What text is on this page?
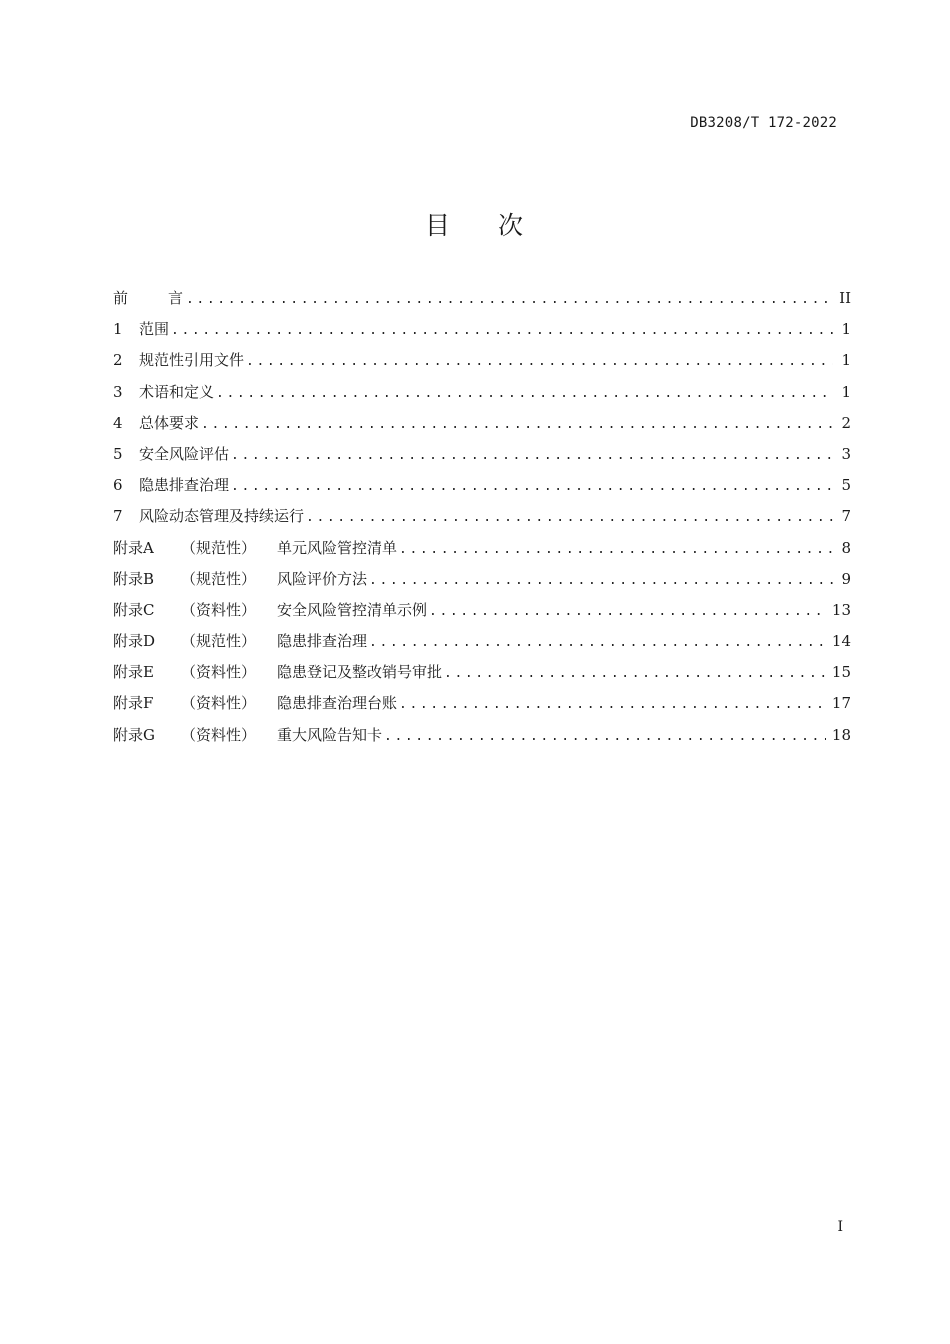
DB3208/T 172-2022
目 次
前	言 .....	II
1	范围 .....	1
2	规范性引用文件 .....	1
3	术语和定义 .....	1
4	总体要求 .....	2
5	安全风险评估 .....	3
6	隐患排查治理 .....	5
7	风险动态管理及持续运行 .....	7
附录A	（规范性）	单元风险管控清单 .....	8
附录B	（规范性）	风险评价方法 .....	9
附录C	（资料性）	安全风险管控清单示例 .....	13
附录D	（规范性）	隐患排查治理 .....	14
附录E	（资料性）	隐患登记及整改销号审批 .....	15
附录F	（资料性）	隐患排查治理台账 .....	17
附录G	（资料性）	重大风险告知卡 .....	18
I
